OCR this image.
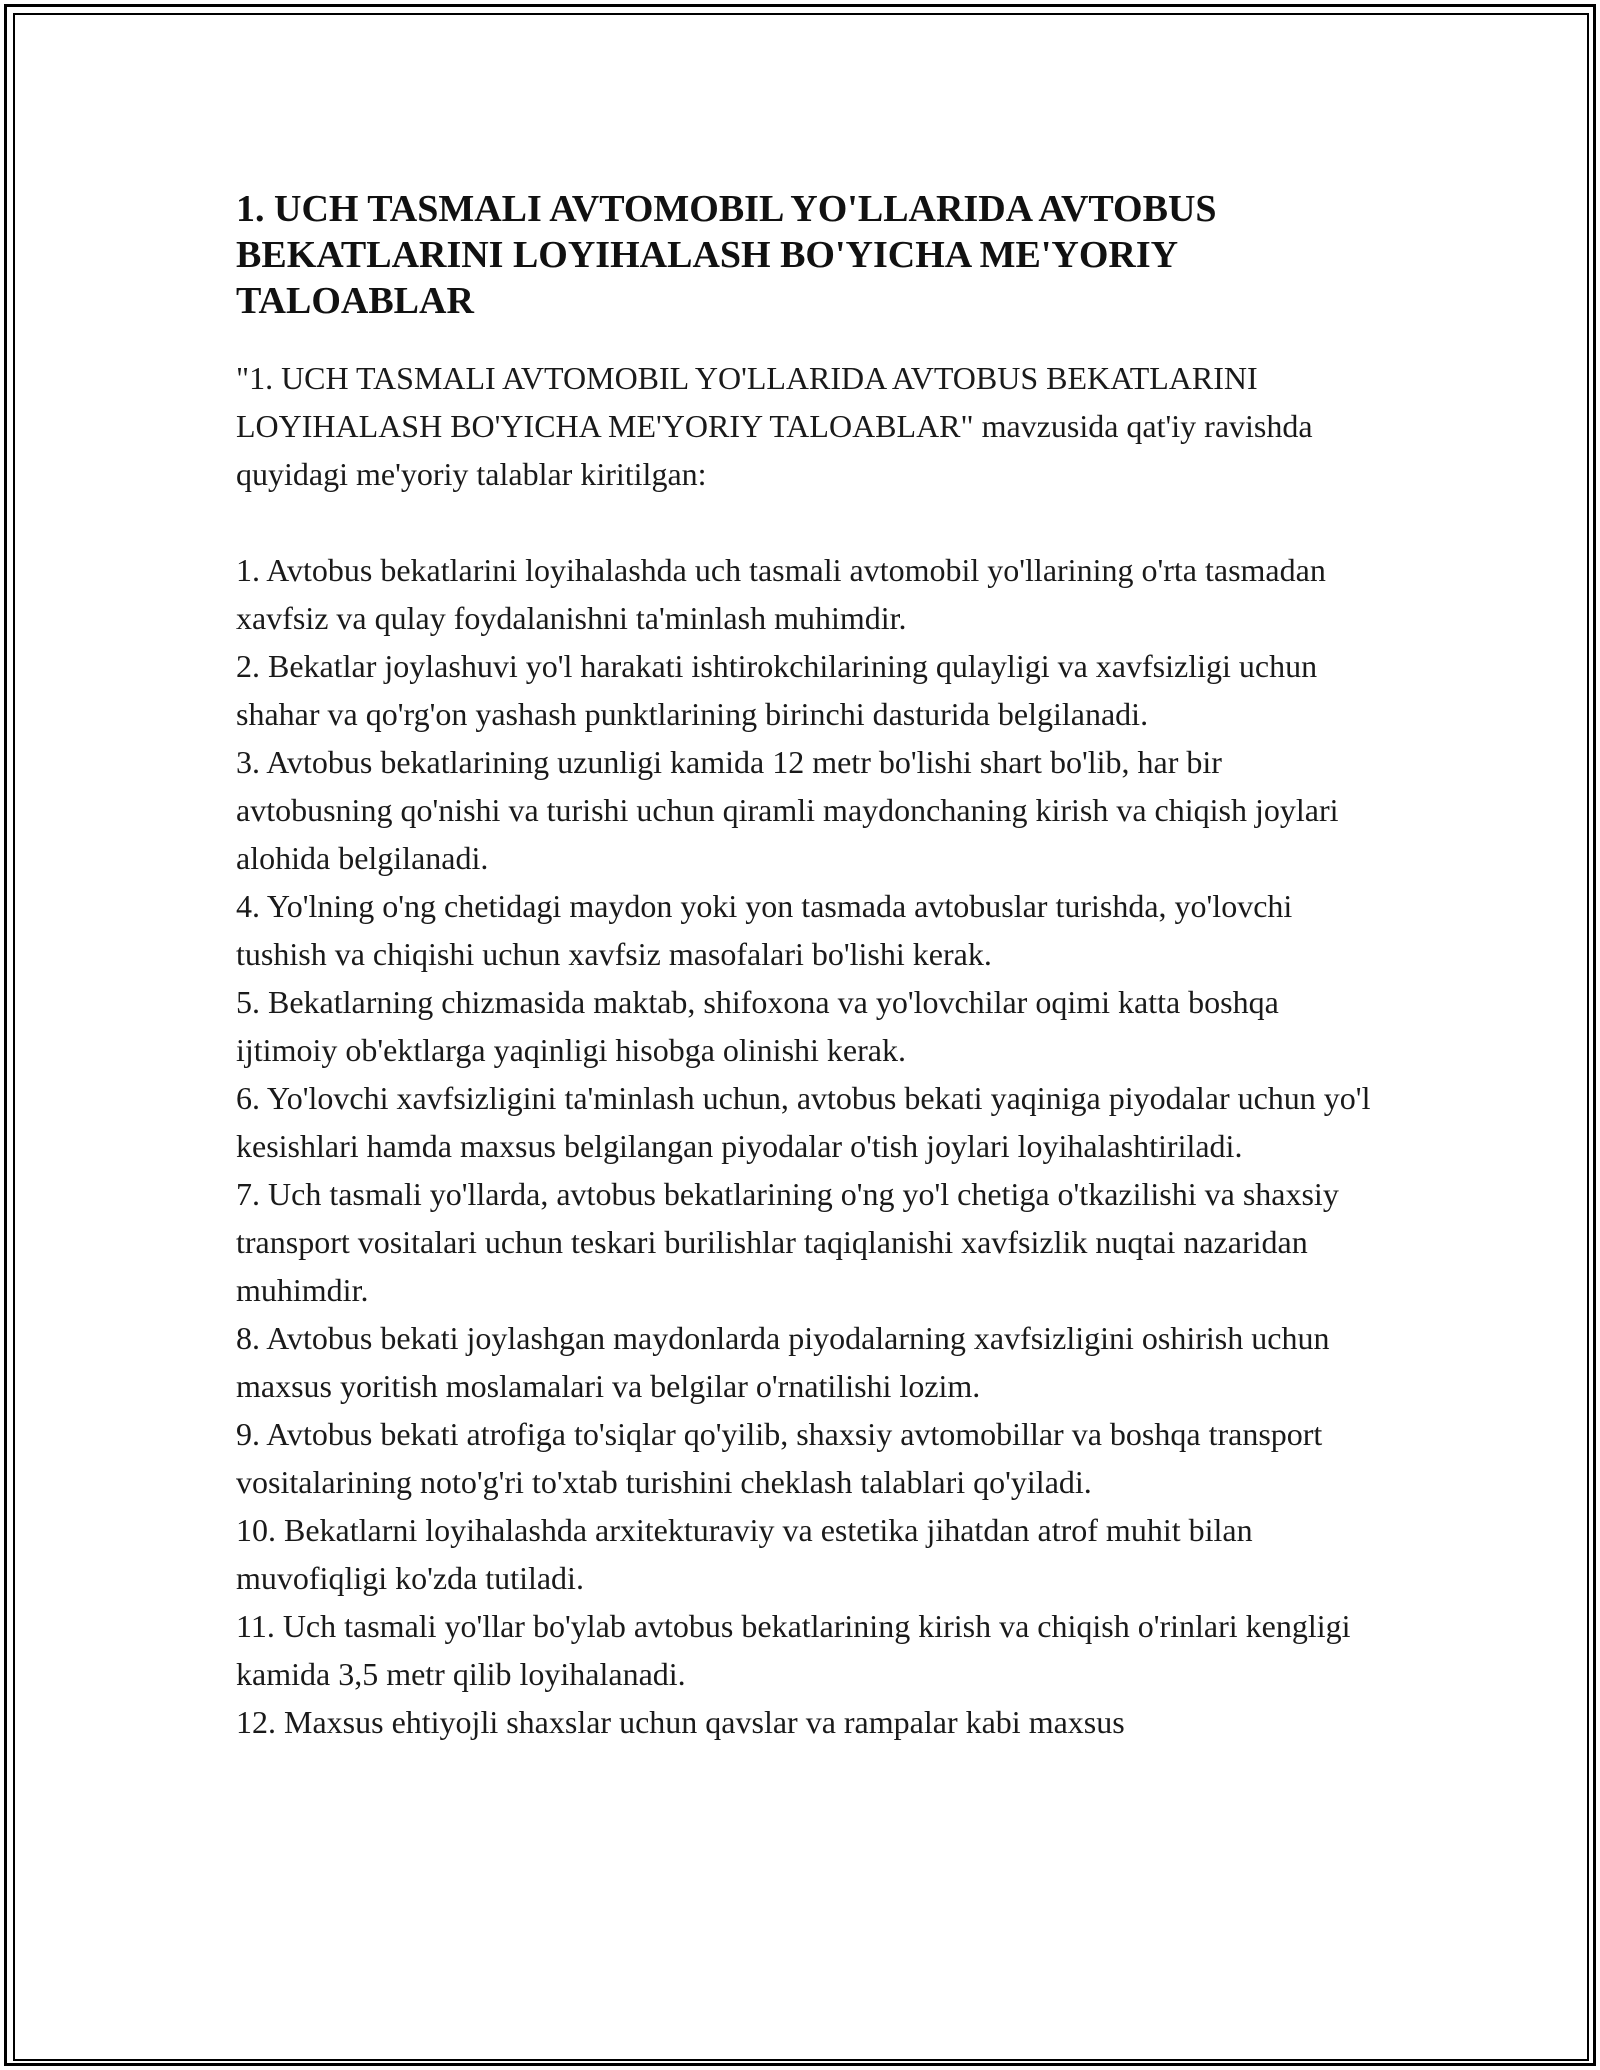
1. UCH TASMALI AVTOMOBIL YO'LLARIDA AVTOBUS BEKATLARINI LOYIHALASH BO'YICHA ME'YORIY TALOABLAR

"1. UCH TASMALI AVTOMOBIL YO'LLARIDA AVTOBUS BEKATLARINI LOYIHALASH BO'YICHA ME'YORIY TALOABLAR" mavzusida qat'iy ravishda quyidagi me'yoriy talablar kiritilgan:

1. Avtobus bekatlarini loyihalashda uch tasmali avtomobil yo'llarining o'rta tasmadan xavfsiz va qulay foydalanishni ta'minlash muhimdir.
2. Bekatlar joylashuvi yo'l harakati ishtirokchilarining qulayligi va xavfsizligi uchun shahar va qo'rg'on yashash punktlarining birinchi dasturida belgilanadi.
3. Avtobus bekatlarining uzunligi kamida 12 metr bo'lishi shart bo'lib, har bir avtobusning qo'nishi va turishi uchun qiramli maydonchaning kirish va chiqish joylari alohida belgilanadi.
4. Yo'lning o'ng chetidagi maydon yoki yon tasmada avtobuslar turishda, yo'lovchi tushish va chiqishi uchun xavfsiz masofalari bo'lishi kerak.
5. Bekatlarning chizmasida maktab, shifoxona va yo'lovchilar oqimi katta boshqa ijtimoiy ob'ektlarga yaqinligi hisobga olinishi kerak.
6. Yo'lovchi xavfsizligini ta'minlash uchun, avtobus bekati yaqiniga piyodalar uchun yo'l kesishlari hamda maxsus belgilangan piyodalar o'tish joylari loyihalashtiriladi.
7. Uch tasmali yo'llarda, avtobus bekatlarining o'ng yo'l chetiga o'tkazilishi va shaxsiy transport vositalari uchun teskari burilishlar taqiqlanishi xavfsizlik nuqtai nazaridan muhimdir.
8. Avtobus bekati joylashgan maydonlarda piyodalarning xavfsizligini oshirish uchun maxsus yoritish moslamalari va belgilar o'rnatilishi lozim.
9. Avtobus bekati atrofiga to'siqlar qo'yilib, shaxsiy avtomobillar va boshqa transport vositalarining noto'g'ri to'xtab turishini cheklash talablari qo'yiladi.
10. Bekatlarni loyihalashda arxitekturaviy va estetika jihatdan atrof muhit bilan muvofiqligi ko'zda tutiladi.
11. Uch tasmali yo'llar bo'ylab avtobus bekatlarining kirish va chiqish o'rinlari kengligi kamida 3,5 metr qilib loyihalanadi.
12. Maxsus ehtiyojli shaxslar uchun qavslar va rampalar kabi maxsus
